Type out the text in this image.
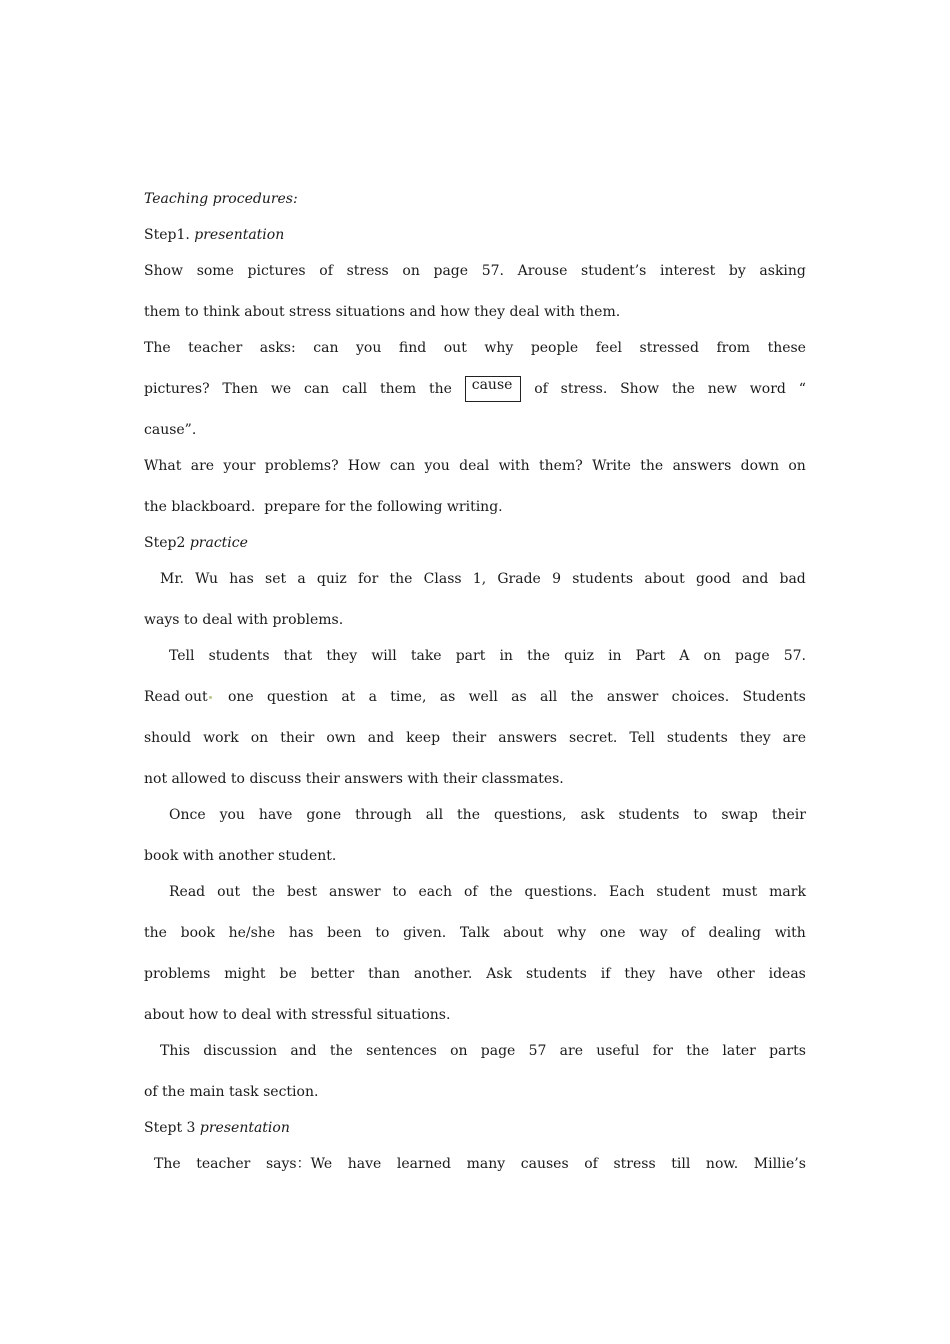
Teaching procedures:
Step1. presentation
Show some pictures of stress on page 57. Arouse student’s interest by asking
them to think about stress situations and how they deal with them.
The teacher asks: can you find out why people feel stressed from these
pictures? Then we can call them the	cause	of stress. Show the new word “
cause”.
What are your problems? How can you deal with them? Write the answers down on
the blackboard.  prepare for the following writing.
Step2 practice
Mr. Wu has set a quiz for the Class 1, Grade 9 students about good and bad
ways to deal with problems.
Tell students that they will take part in the quiz in Part A on page 57.
Read out	one question at a time, as well as all the answer choices. Students
should work on their own and keep their answers secret. Tell students they are
not allowed to discuss their answers with their classmates.
Once you have gone through all the questions, ask students to swap their
book with another student.
Read out the best answer to each of the questions. Each student must mark
the book he/she has been to given. Talk about why one way of dealing with
problems might be better than another. Ask students if they have other ideas
about how to deal with stressful situations.
This discussion and the sentences on page 57 are useful for the later parts
of the main task section.
Stept 3 presentation
The teacher says：We have learned many causes of stress till now. Millie’s
